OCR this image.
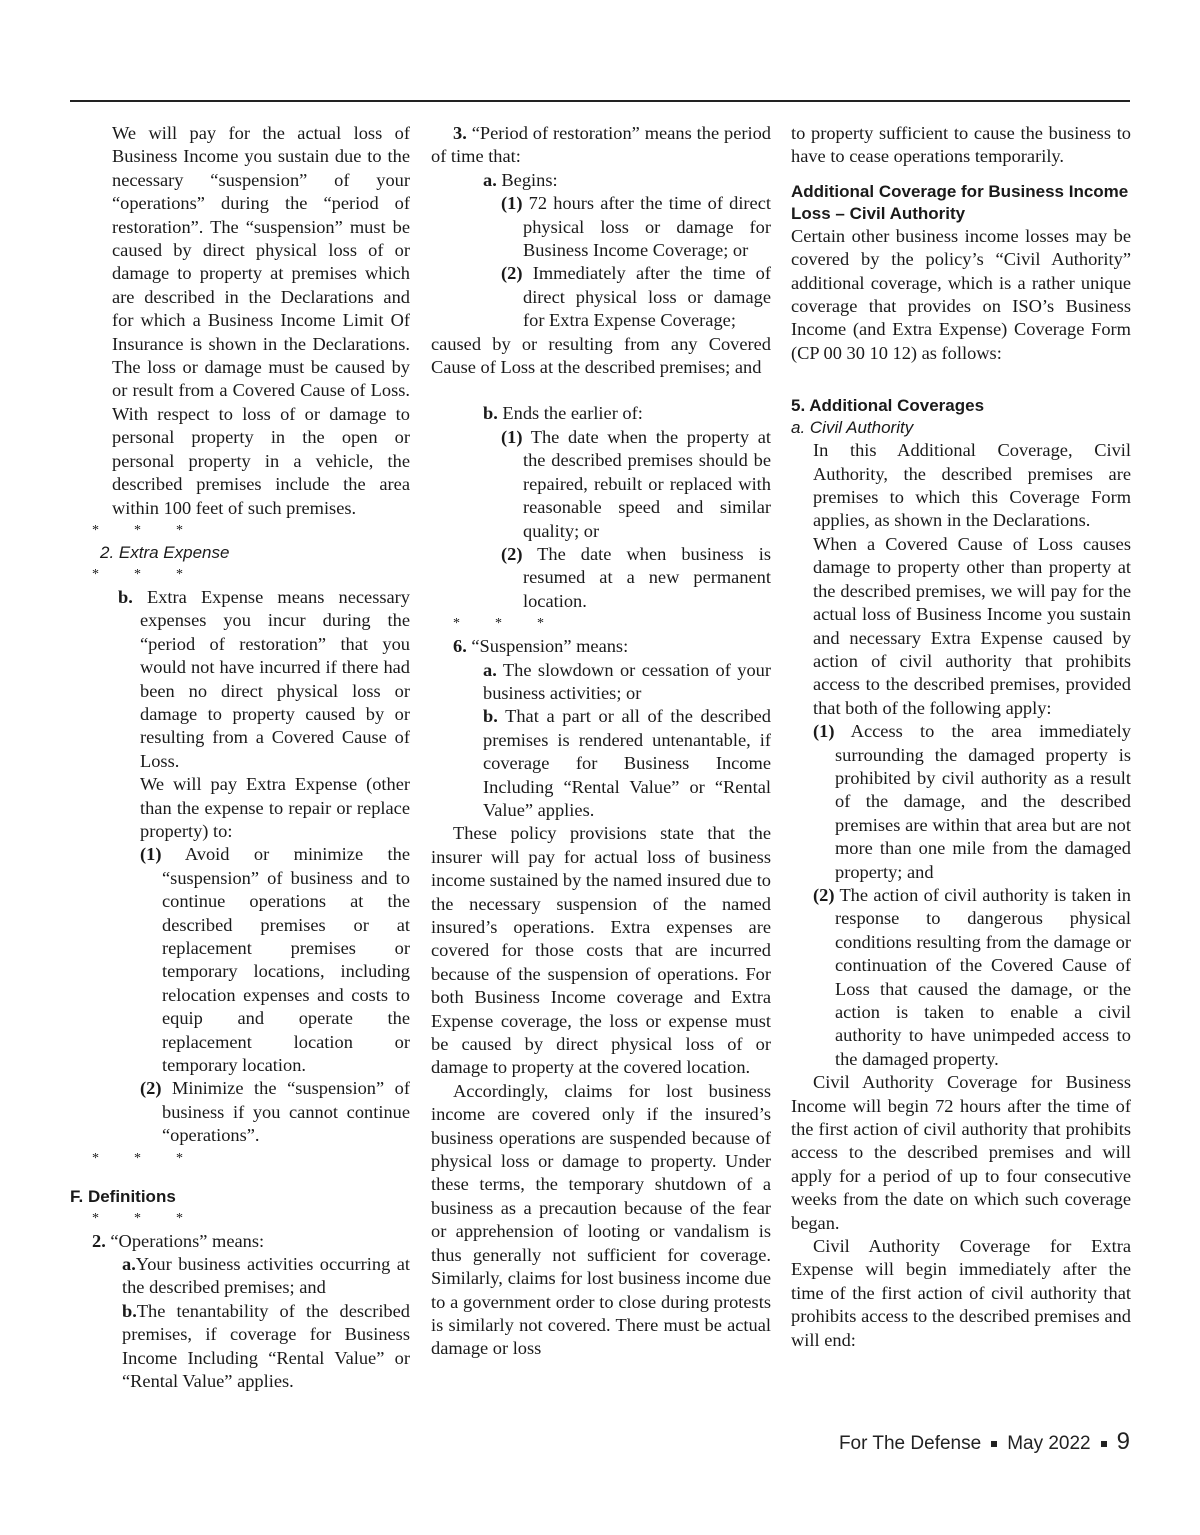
We will pay for the actual loss of Business Income you sustain due to the necessary “suspension” of your “operations” during the “period of restoration”. The “suspension” must be caused by direct physical loss of or damage to property at premises which are described in the Declarations and for which a Business Income Limit Of Insurance is shown in the Declarations. The loss or damage must be caused by or result from a Covered Cause of Loss. With respect to loss of or damage to personal property in the open or personal property in a vehicle, the described premises include the area within 100 feet of such premises.

*          *          *

2. Extra Expense

*          *          *

b. Extra Expense means necessary expenses you incur during the “period of restoration” that you would not have incurred if there had been no direct physical loss or damage to property caused by or resulting from a Covered Cause of Loss.

We will pay Extra Expense (other than the expense to repair or replace property) to:

(1) Avoid or minimize the “suspension” of business and to continue operations at the described premises or at replacement premises or temporary locations, including relocation expenses and costs to equip and operate the replacement location or temporary location.

(2) Minimize the “suspension” of business if you cannot continue “operations”.

*          *          *

F. Definitions

*          *          *

2. “Operations” means:

a.Your business activities occurring at the described premises; and

b.The tenantability of the described premises, if coverage for Business Income Including “Rental Value” or “Rental Value” applies.

3. “Period of restoration” means the period of time that:

a. Begins:

(1) 72 hours after the time of direct physical loss or damage for Business Income Coverage; or

(2) Immediately after the time of direct physical loss or damage for Extra Expense Coverage;

caused by or resulting from any Covered Cause of Loss at the described premises; and

b. Ends the earlier of:

(1) The date when the property at the described premises should be repaired, rebuilt or replaced with reasonable speed and similar quality; or

(2) The date when business is resumed at a new permanent location.

*          *          *

6. “Suspension” means:

a. The slowdown or cessation of your business activities; or

b. That a part or all of the described premises is rendered untenantable, if coverage for Business Income Including “Rental Value” or “Rental Value” applies.

These policy provisions state that the insurer will pay for actual loss of business income sustained by the named insured due to the necessary suspension of the named insured’s operations. Extra expenses are covered for those costs that are incurred because of the suspension of operations. For both Business Income coverage and Extra Expense coverage, the loss or expense must be caused by direct physical loss of or damage to property at the covered location.

Accordingly, claims for lost business income are covered only if the insured’s business operations are suspended because of physical loss or damage to property. Under these terms, the temporary shutdown of a business as a precaution because of the fear or apprehension of looting or vandalism is thus generally not sufficient for coverage. Similarly, claims for lost business income due to a government order to close during protests is similarly not covered. There must be actual damage or loss

to property sufficient to cause the business to have to cease operations temporarily.

Additional Coverage for Business Income Loss – Civil Authority

Certain other business income losses may be covered by the policy’s “Civil Authority” additional coverage, which is a rather unique coverage that provides on ISO’s Business Income (and Extra Expense) Coverage Form (CP 00 30 10 12) as follows:

5. Additional Coverages

a. Civil Authority

In this Additional Coverage, Civil Authority, the described premises are premises to which this Coverage Form applies, as shown in the Declarations.

When a Covered Cause of Loss causes damage to property other than property at the described premises, we will pay for the actual loss of Business Income you sustain and necessary Extra Expense caused by action of civil authority that prohibits access to the described premises, provided that both of the following apply:

(1) Access to the area immediately surrounding the damaged property is prohibited by civil authority as a result of the damage, and the described premises are within that area but are not more than one mile from the damaged property; and

(2) The action of civil authority is taken in response to dangerous physical conditions resulting from the damage or continuation of the Covered Cause of Loss that caused the damage, or the action is taken to enable a civil authority to have unimpeded access to the damaged property.

Civil Authority Coverage for Business Income will begin 72 hours after the time of the first action of civil authority that prohibits access to the described premises and will apply for a period of up to four consecutive weeks from the date on which such coverage began.

Civil Authority Coverage for Extra Expense will begin immediately after the time of the first action of civil authority that prohibits access to the described premises and will end:

For The Defense May 2022 9
